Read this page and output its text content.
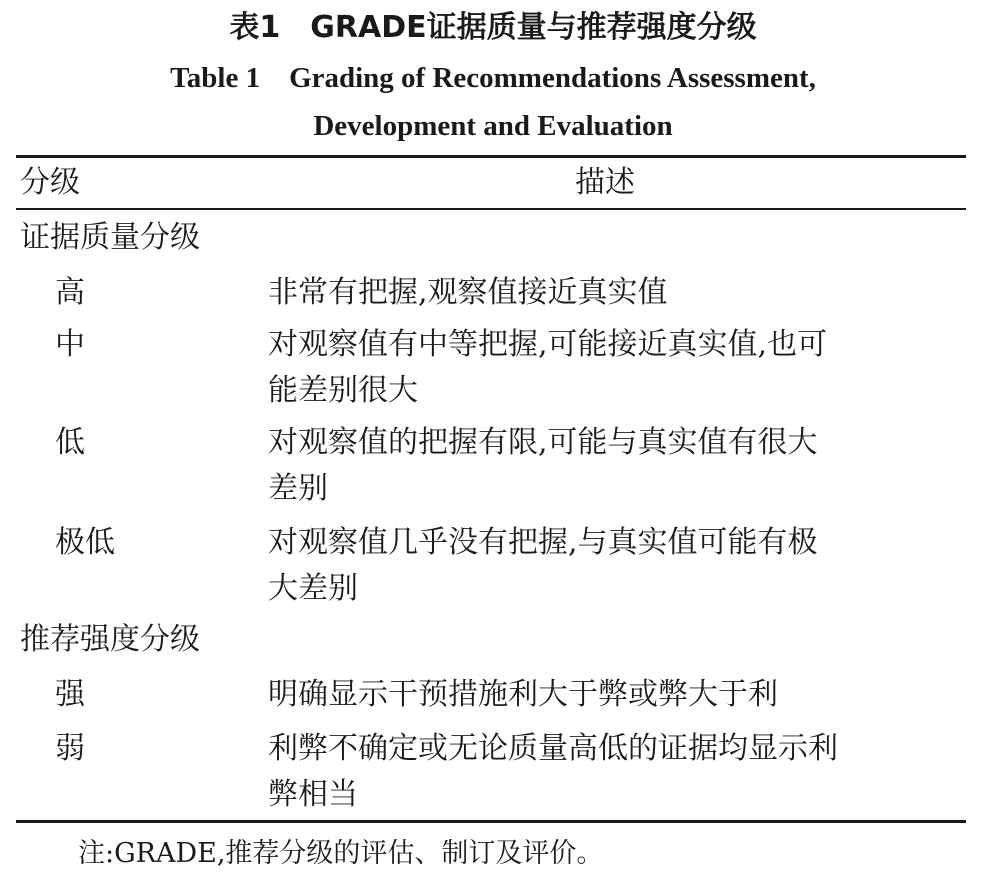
表1　GRADE证据质量与推荐强度分级
Table 1　Grading of Recommendations Assessment,
Development and Evaluation
分级	描述
证据质量分级
高	非常有把握,观察值接近真实值
中	对观察值有中等把握,可能接近真实值,也可
能差别很大
低	对观察值的把握有限,可能与真实值有很大
差别
极低	对观察值几乎没有把握,与真实值可能有极
大差别
推荐强度分级
强	明确显示干预措施利大于弊或弊大于利
弱	利弊不确定或无论质量高低的证据均显示利
弊相当
注:GRADE,推荐分级的评估、制订及评价。
